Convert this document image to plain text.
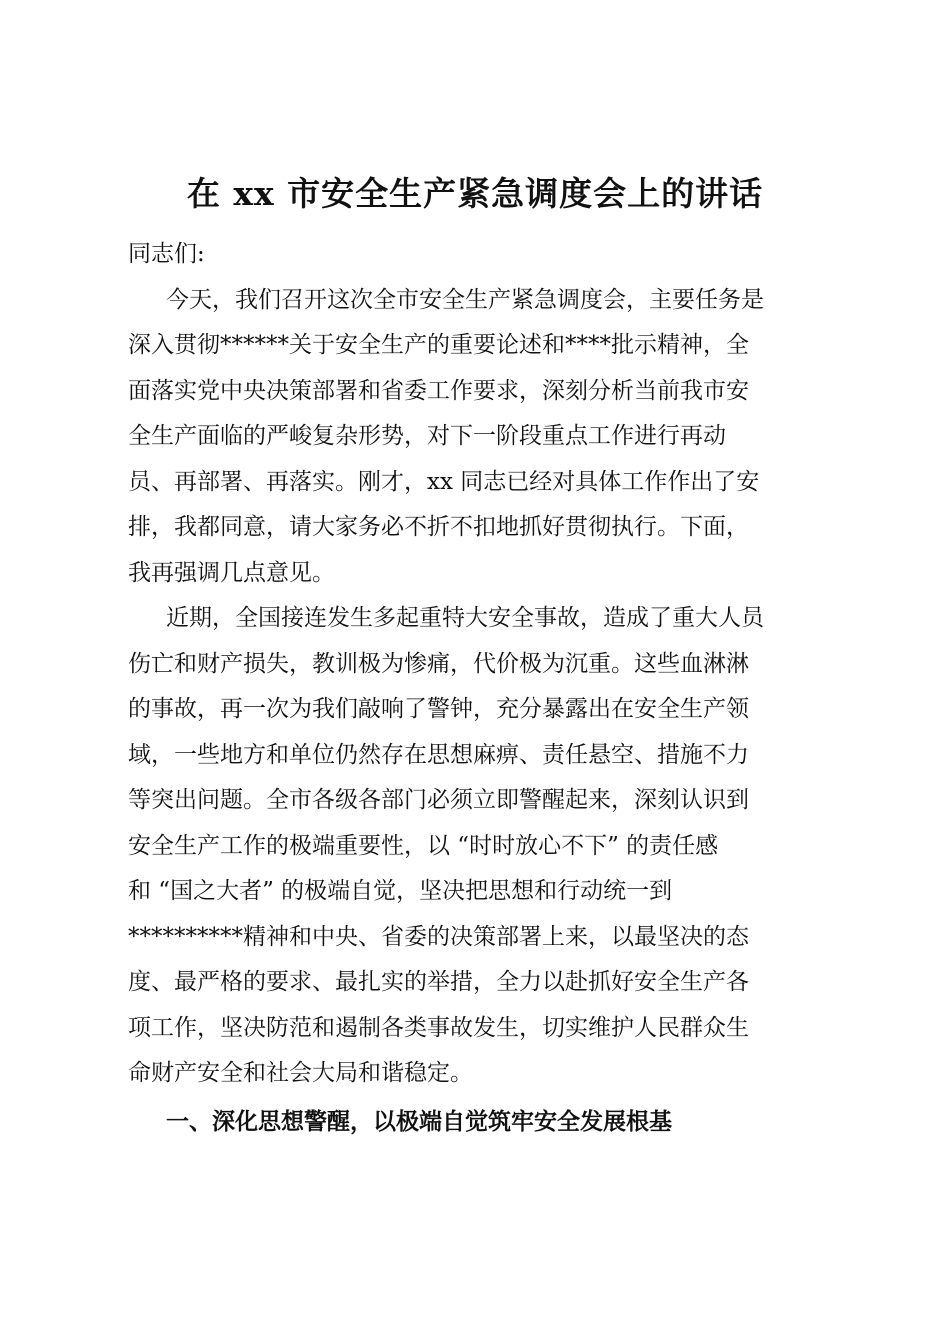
在 xx 市安全生产紧急调度会上的讲话
同志们:
今天，我们召开这次全市安全生产紧急调度会，主要任务是
深入贯彻******关于安全生产的重要论述和****批示精神，全
面落实党中央决策部署和省委工作要求，深刻分析当前我市安
全生产面临的严峻复杂形势，对下一阶段重点工作进行再动
员、再部署、再落实。刚才，xx 同志已经对具体工作作出了安
排，我都同意，请大家务必不折不扣地抓好贯彻执行。下面，
我再强调几点意见。
近期，全国接连发生多起重特大安全事故，造成了重大人员
伤亡和财产损失，教训极为惨痛，代价极为沉重。这些血淋淋
的事故，再一次为我们敲响了警钟，充分暴露出在安全生产领
域，一些地方和单位仍然存在思想麻痹、责任悬空、措施不力
等突出问题。全市各级各部门必须立即警醒起来，深刻认识到
安全生产工作的极端重要性，以 “时时放心不下” 的责任感
和 “国之大者” 的极端自觉，坚决把思想和行动统一到
**********精神和中央、省委的决策部署上来，以最坚决的态
度、最严格的要求、最扎实的举措，全力以赴抓好安全生产各
项工作，坚决防范和遏制各类事故发生，切实维护人民群众生
命财产安全和社会大局和谐稳定。
一、深化思想警醒，以极端自觉筑牢安全发展根基
